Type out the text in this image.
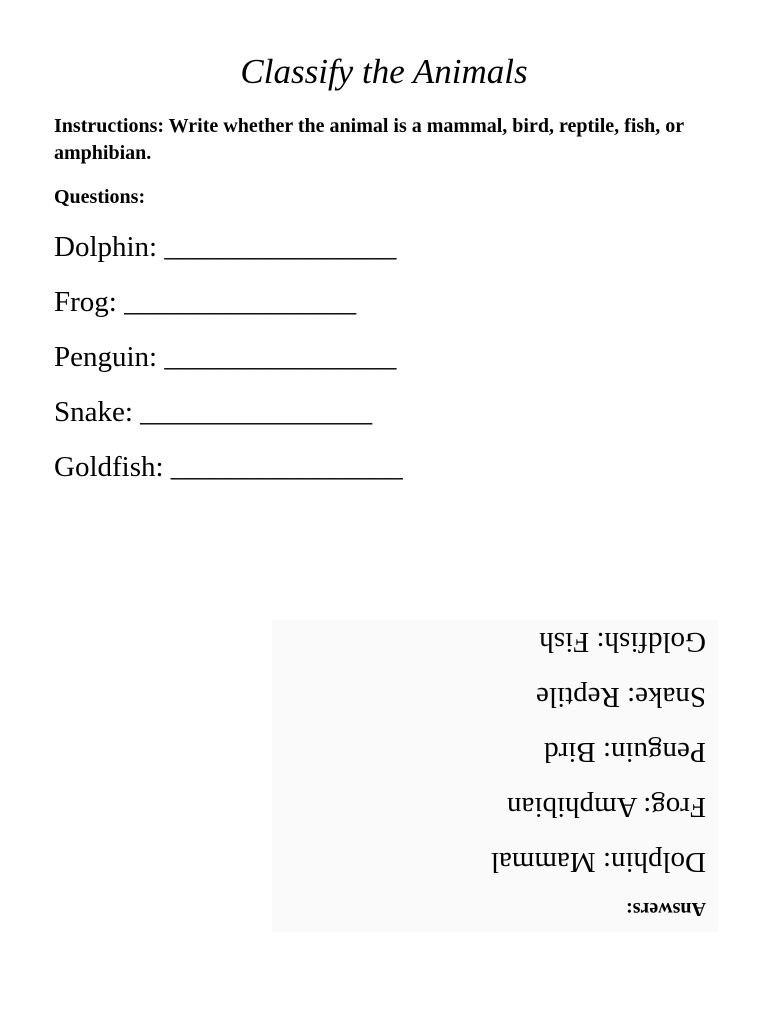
Classify the Animals
Instructions: Write whether the animal is a mammal, bird, reptile, fish, or amphibian.
Questions:
Dolphin: ________________
Frog: ________________
Penguin: ________________
Snake: ________________
Goldfish: ________________
Answers:
Dolphin: Mammal
Frog: Amphibian
Penguin: Bird
Snake: Reptile
Goldfish: Fish
